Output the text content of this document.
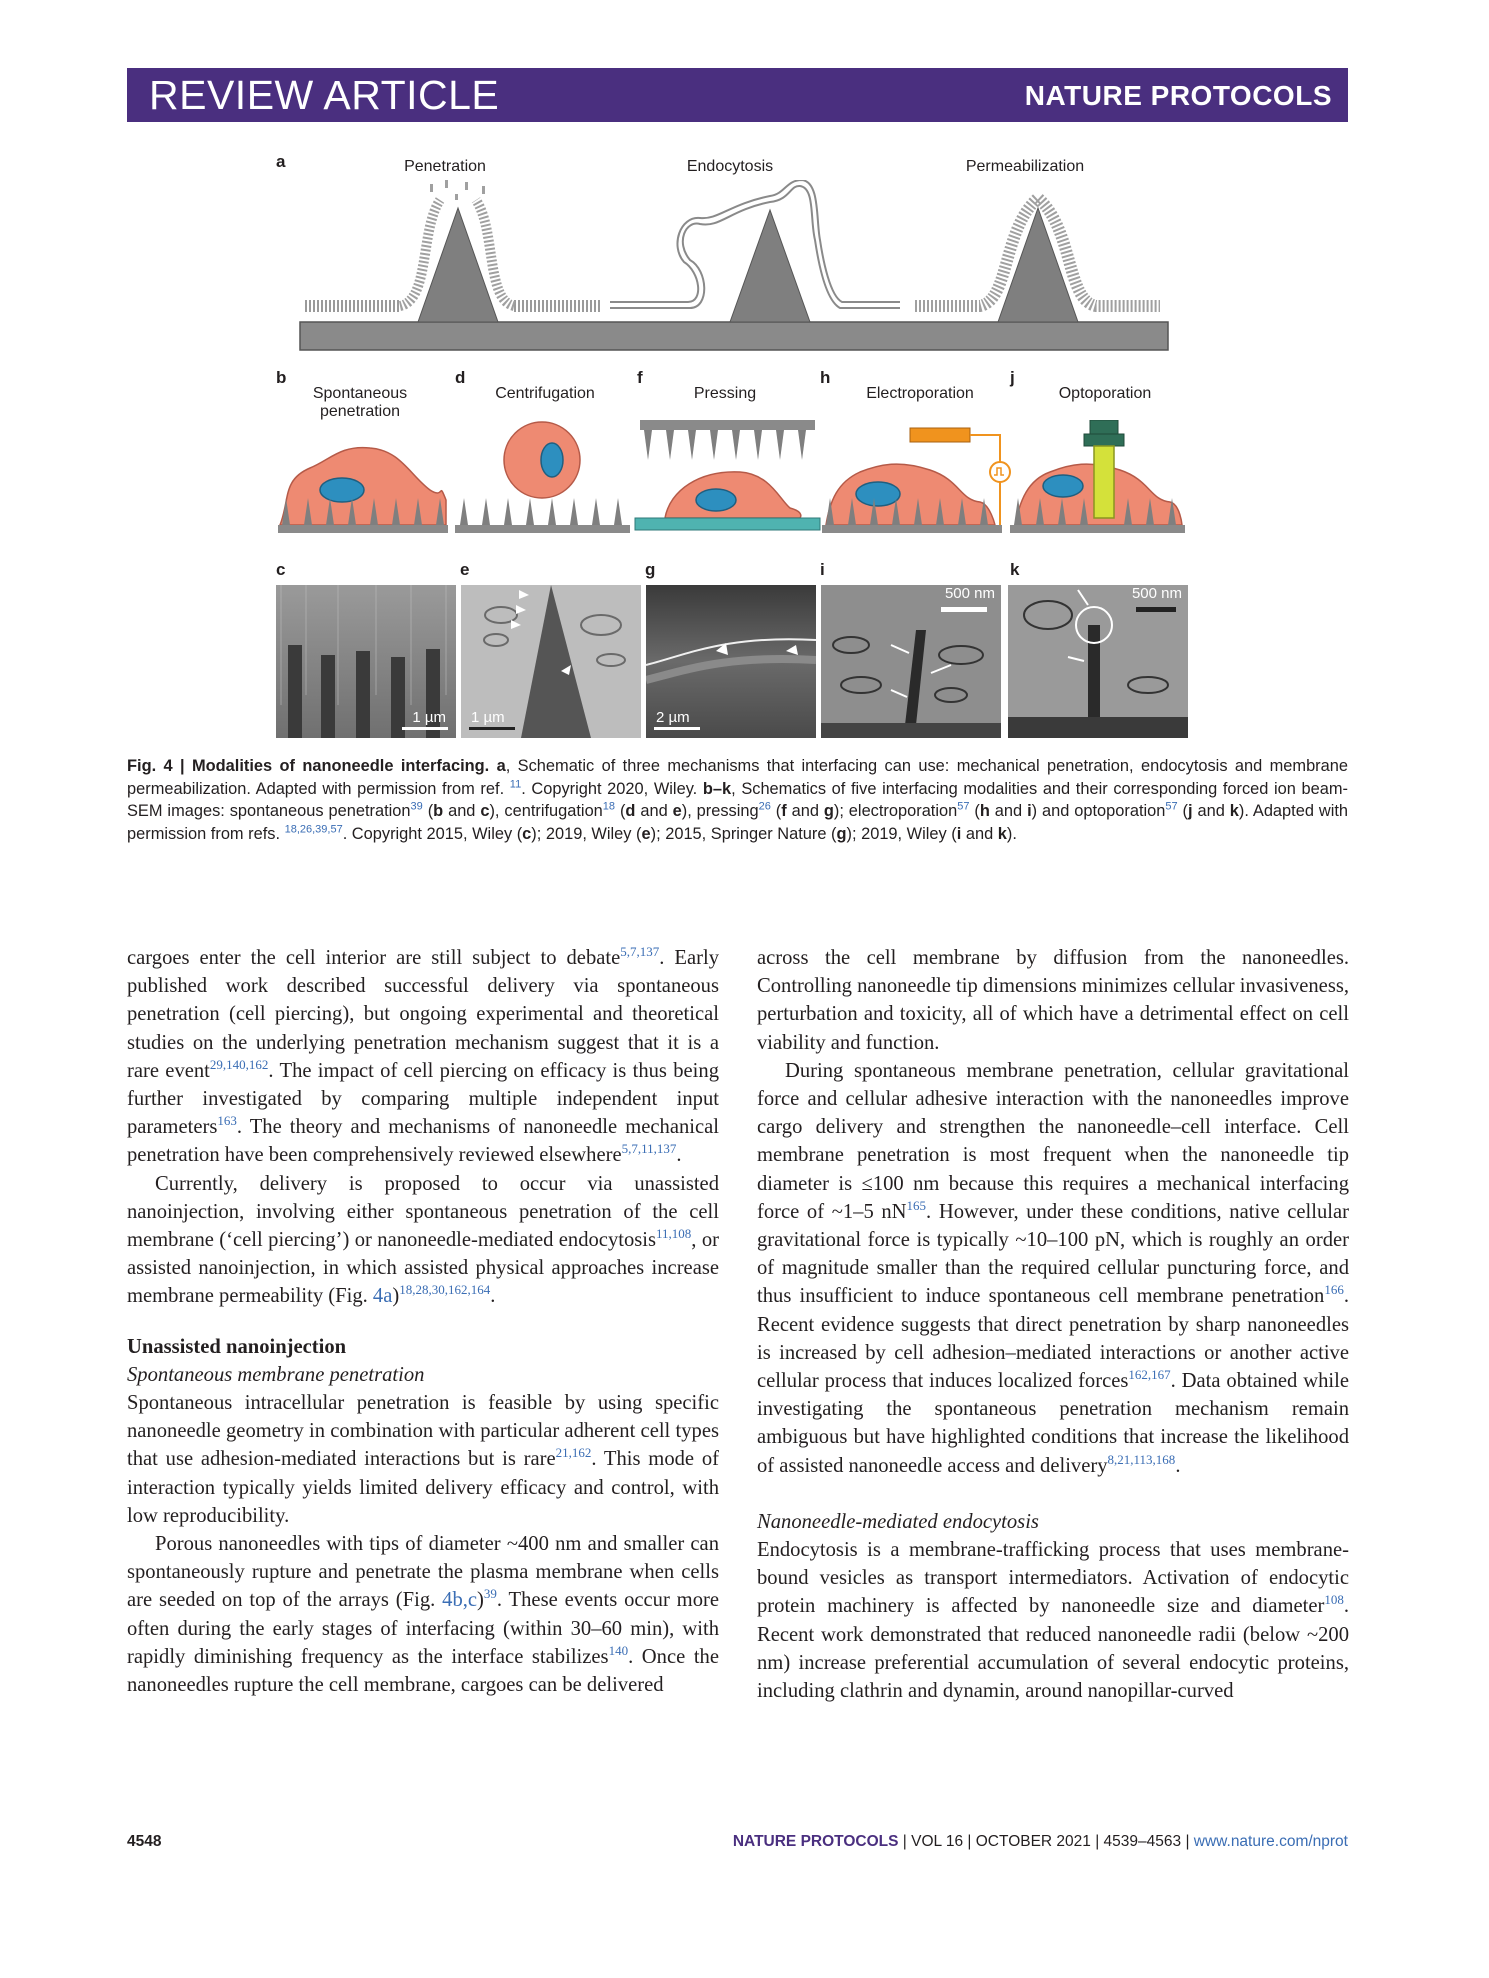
REVIEW ARTICLE	NATURE PROTOCOLS
a	Penetration	Endocytosis	Permeabilization
b
Spontaneous
penetration
d
Centrifugation
f
Pressing
h
Electroporation
j
Optoporation
c	e	g	i	k
1 µm 1 µm	2 µm
500 nm	500 nm
Fig. 4 | Modalities of nanoneedle interfacing. a, Schematic of three mechanisms that interfacing can use: mechanical penetration, endocytosis and membrane permeabilization. Adapted with permission from ref. $^{11}$. Copyright 2020, Wiley. b–k, Schematics of five interfacing modalities and their corresponding forced ion beam-SEM images: spontaneous penetration$^{39}$ (b and c), centrifugation$^{18}$ (d and e), pressing$^{26}$ (f and g); electroporation$^{57}$ (h and i) and optoporation$^{57}$ (j and k). Adapted with permission from refs. $^{18,26,39,57}$. Copyright 2015, Wiley (c); 2019, Wiley (e); 2015, Springer Nature (g); 2019, Wiley (i and k).

cargoes enter the cell interior are still subject to debate$^{5,7,137}$. Early published work described successful delivery via spontaneous penetration (cell piercing), but ongoing experimental and theoretical studies on the underlying penetration mechanism suggest that it is a rare event$^{29,140,162}$. The impact of cell piercing on efficacy is thus being further investigated by comparing multiple independent input parameters$^{163}$. The theory and mechanisms of nanoneedle mechanical penetration have been comprehensively reviewed elsewhere$^{5,7,11,137}$.

Currently, delivery is proposed to occur via unassisted nanoinjection, involving either spontaneous penetration of the cell membrane (‘cell piercing’) or nanoneedle-mediated endocytosis$^{11,108}$, or assisted nanoinjection, in which assisted physical approaches increase membrane permeability (Fig. 4a)$^{18,28,30,162,164}$.

Unassisted nanoinjection

Spontaneous membrane penetration

Spontaneous intracellular penetration is feasible by using specific nanoneedle geometry in combination with particular adherent cell types that use adhesion-mediated interactions but is rare$^{21,162}$. This mode of interaction typically yields limited delivery efficacy and control, with low reproducibility.

Porous nanoneedles with tips of diameter ~400 nm and smaller can spontaneously rupture and penetrate the plasma membrane when cells are seeded on top of the arrays (Fig. 4b,c)$^{39}$. These events occur more often during the early stages of interfacing (within 30–60 min), with rapidly diminishing frequency as the interface stabilizes$^{140}$. Once the nanoneedles rupture the cell membrane, cargoes can be delivered

across the cell membrane by diffusion from the nanoneedles. Controlling nanoneedle tip dimensions minimizes cellular invasiveness, perturbation and toxicity, all of which have a detrimental effect on cell viability and function.

During spontaneous membrane penetration, cellular gravitational force and cellular adhesive interaction with the nanoneedles improve cargo delivery and strengthen the nanoneedle–cell interface. Cell membrane penetration is most frequent when the nanoneedle tip diameter is ≤100 nm because this requires a mechanical interfacing force of ~1–5 $nN^{165}$. However, under these conditions, native cellular gravitational force is typically ~10–100 pN, which is roughly an order of magnitude smaller than the required cellular puncturing force, and thus insufficient to induce spontaneous cell membrane penetration$^{166}$. Recent evidence suggests that direct penetration by sharp nanoneedles is increased by cell adhesion–mediated interactions or another active cellular process that induces localized forces$^{162,167}$. Data obtained while investigating the spontaneous penetration mechanism remain ambiguous but have highlighted conditions that increase the likelihood of assisted nanoneedle access and delivery$^{8,21,113,168}$.

Nanoneedle-mediated endocytosis

Endocytosis is a membrane-trafficking process that uses membrane-bound vesicles as transport intermediators. Activation of endocytic protein machinery is affected by nanoneedle size and diameter$^{108}$. Recent work demonstrated that reduced nanoneedle radii (below ~200 nm) increase preferential accumulation of several endocytic proteins, including clathrin and dynamin, around nanopillar-curved

4548	NATURE PROTOCOLS | VOL 16 | OCTOBER 2021 | 4539–4563 | www.nature.com/nprot
